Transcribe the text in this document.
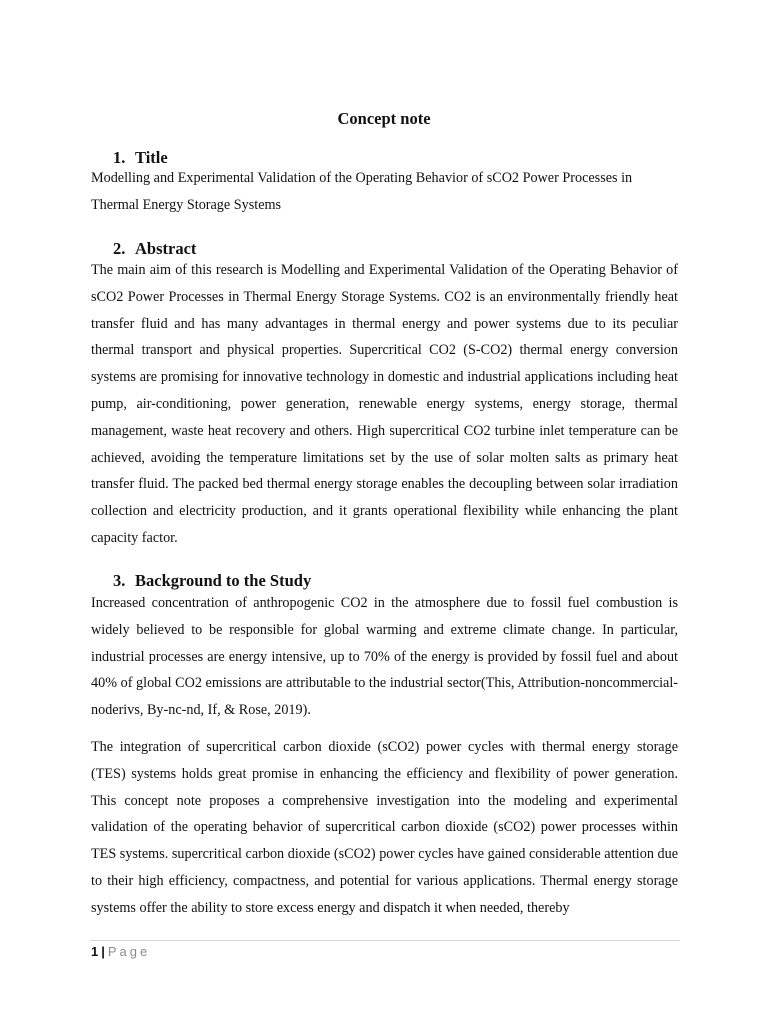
Concept note
1. Title

Modelling and Experimental Validation of the Operating Behavior of sCO2 Power Processes in Thermal Energy Storage Systems

2. Abstract

The main aim of this research is Modelling and Experimental Validation of the Operating Behavior of sCO2 Power Processes in Thermal Energy Storage Systems. CO2 is an environmentally friendly heat transfer fluid and has many advantages in thermal energy and power systems due to its peculiar thermal transport and physical properties. Supercritical CO2 (S-CO2) thermal energy conversion systems are promising for innovative technology in domestic and industrial applications including heat pump, air-conditioning, power generation, renewable energy systems, energy storage, thermal management, waste heat recovery and others. High supercritical CO2 turbine inlet temperature can be achieved, avoiding the temperature limitations set by the use of solar molten salts as primary heat transfer fluid. The packed bed thermal energy storage enables the decoupling between solar irradiation collection and electricity production, and it grants operational flexibility while enhancing the plant capacity factor.

3. Background to the Study

Increased concentration of anthropogenic CO2 in the atmosphere due to fossil fuel combustion is widely believed to be responsible for global warming and extreme climate change. In particular, industrial processes are energy intensive, up to 70% of the energy is provided by fossil fuel and about 40% of global CO2 emissions are attributable to the industrial sector(This, Attribution-noncommercial-noderivs, By-nc-nd, If, & Rose, 2019).

The integration of supercritical carbon dioxide (sCO2) power cycles with thermal energy storage (TES) systems holds great promise in enhancing the efficiency and flexibility of power generation. This concept note proposes a comprehensive investigation into the modeling and experimental validation of the operating behavior of supercritical carbon dioxide (sCO2) power processes within TES systems. supercritical carbon dioxide (sCO2) power cycles have gained considerable attention due to their high efficiency, compactness, and potential for various applications. Thermal energy storage systems offer the ability to store excess energy and dispatch it when needed, thereby

1 | Page
